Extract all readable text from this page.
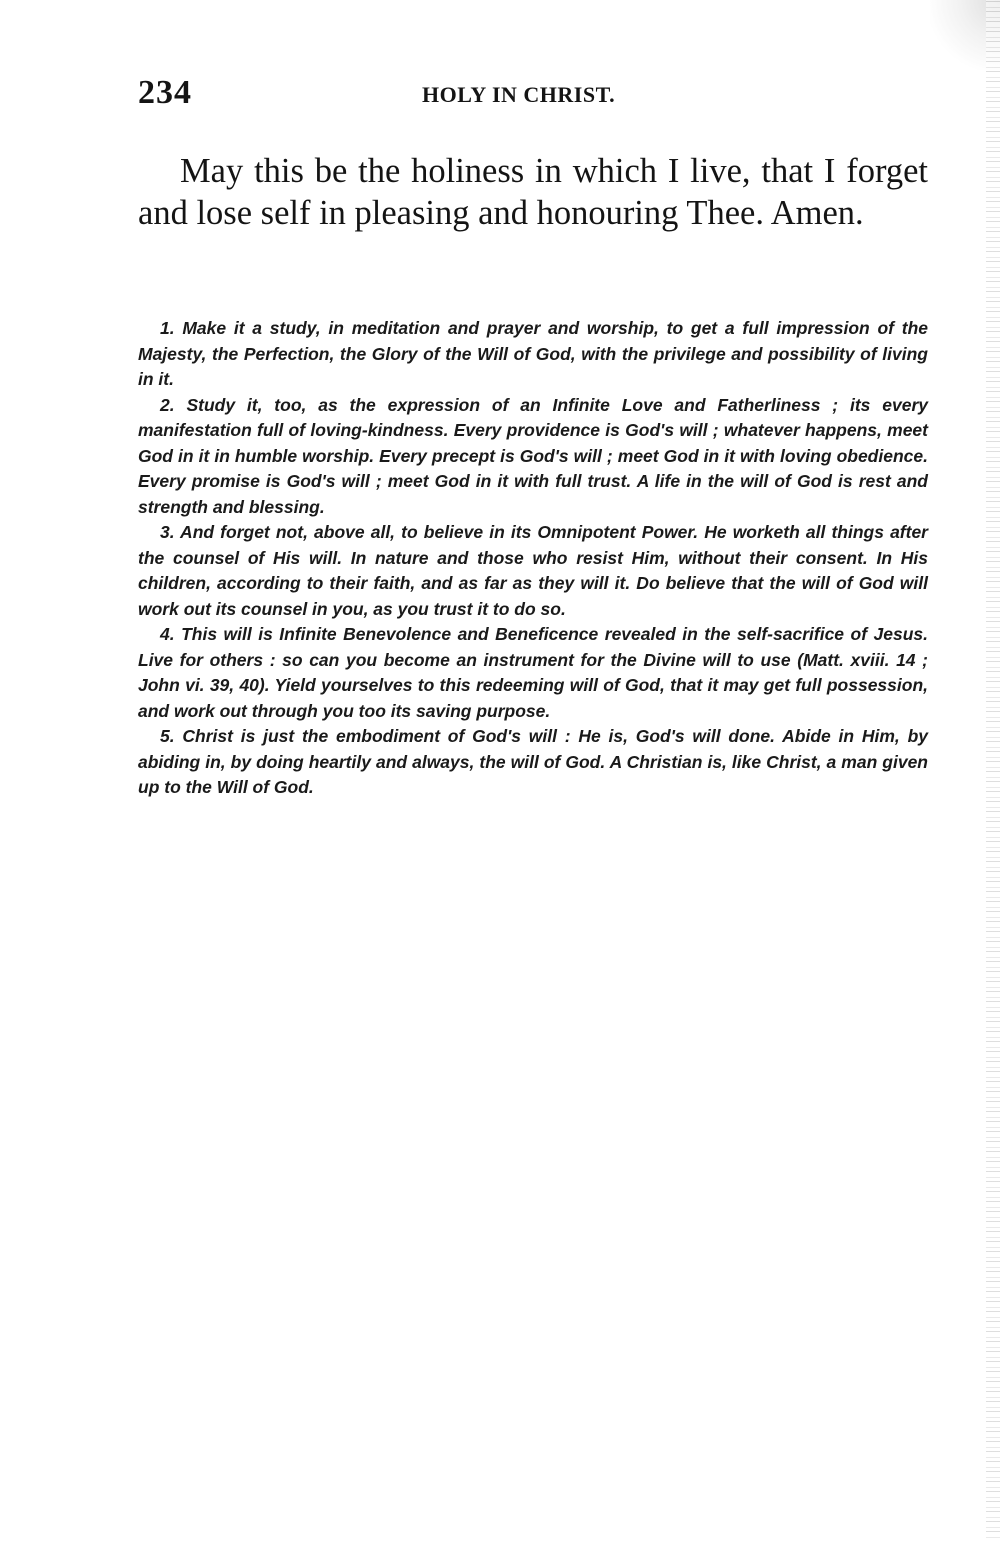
234	HOLY IN CHRIST.

May this be the holiness in which I live, that I forget and lose self in pleasing and honouring Thee. Amen.

1. Make it a study, in meditation and prayer and worship, to get a full impression of the Majesty, the Perfection, the Glory of the Will of God, with the privilege and possibility of living in it.

2. Study it, too, as the expression of an Infinite Love and Fatherliness ; its every manifestation full of loving-kindness. Every providence is God's will ; whatever happens, meet God in it in humble worship. Every precept is God's will ; meet God in it with loving obedience. Every promise is God's will ; meet God in it with full trust. A life in the will of God is rest and strength and blessing.

3. And forget not, above all, to believe in its Omnipotent Power. He worketh all things after the counsel of His will. In nature and those who resist Him, without their consent. In His children, according to their faith, and as far as they will it. Do believe that the will of God will work out its counsel in you, as you trust it to do so.

4. This will is Infinite Benevolence and Beneficence revealed in the self-sacrifice of Jesus. Live for others : so can you become an instrument for the Divine will to use (Matt. xviii. 14 ; John vi. 39, 40). Yield yourselves to this redeeming will of God, that it may get full possession, and work out through you too its saving purpose.

5. Christ is just the embodiment of God's will : He is, God's will done. Abide in Him, by abiding in, by doing heartily and always, the will of God. A Christian is, like Christ, a man given up to the Will of God.
